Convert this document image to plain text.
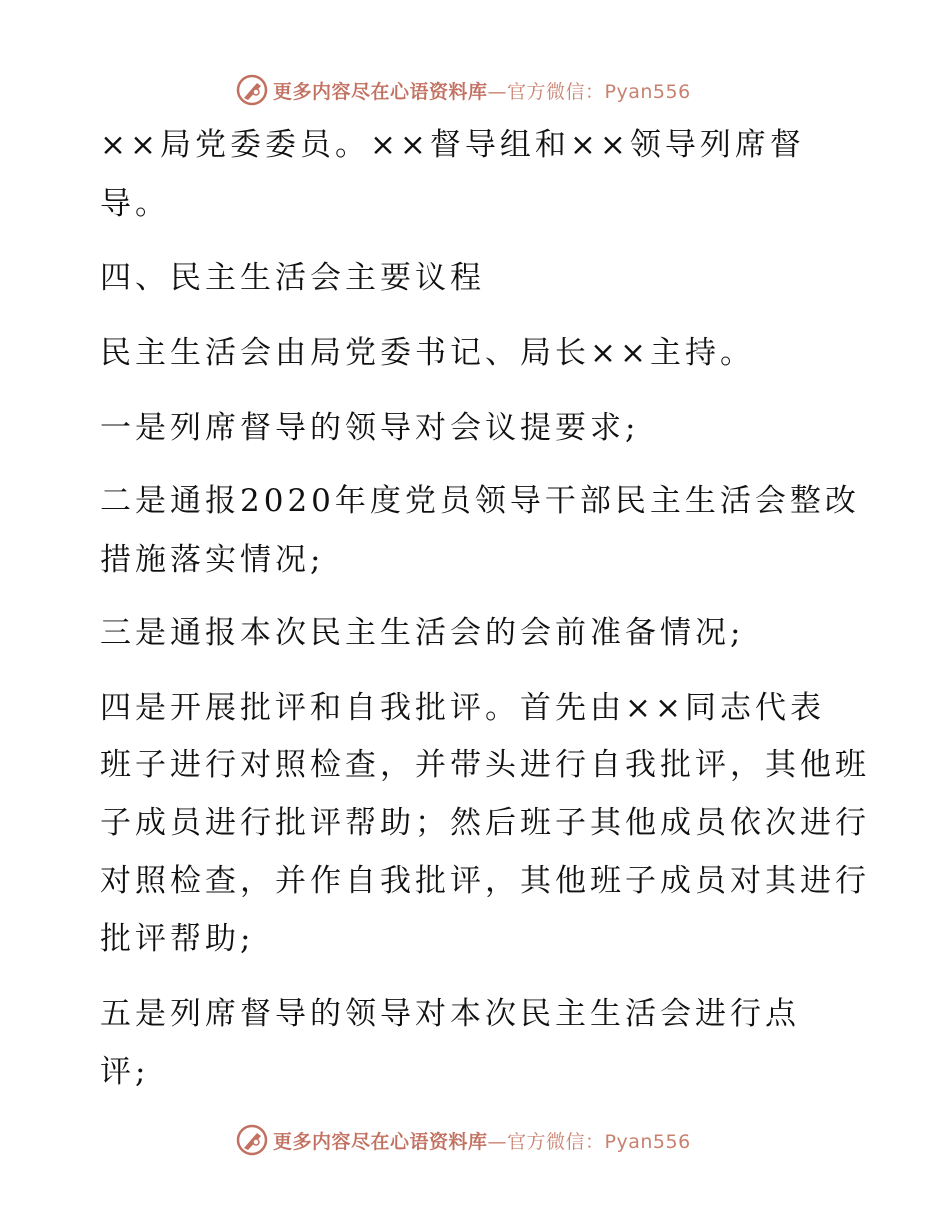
更多内容尽在心语资料库—官方微信：Pyan556
××局党委委员。××督导组和××领导列席督
导。
四、民主生活会主要议程
民主生活会由局党委书记、局长××主持。
一是列席督导的领导对会议提要求;
二是通报2020年度党员领导干部民主生活会整改
措施落实情况;
三是通报本次民主生活会的会前准备情况;
四是开展批评和自我批评。首先由××同志代表
班子进行对照检查，并带头进行自我批评，其他班
子成员进行批评帮助；然后班子其他成员依次进行
对照检查，并作自我批评，其他班子成员对其进行
批评帮助;
五是列席督导的领导对本次民主生活会进行点
评;
更多内容尽在心语资料库—官方微信：Pyan556
